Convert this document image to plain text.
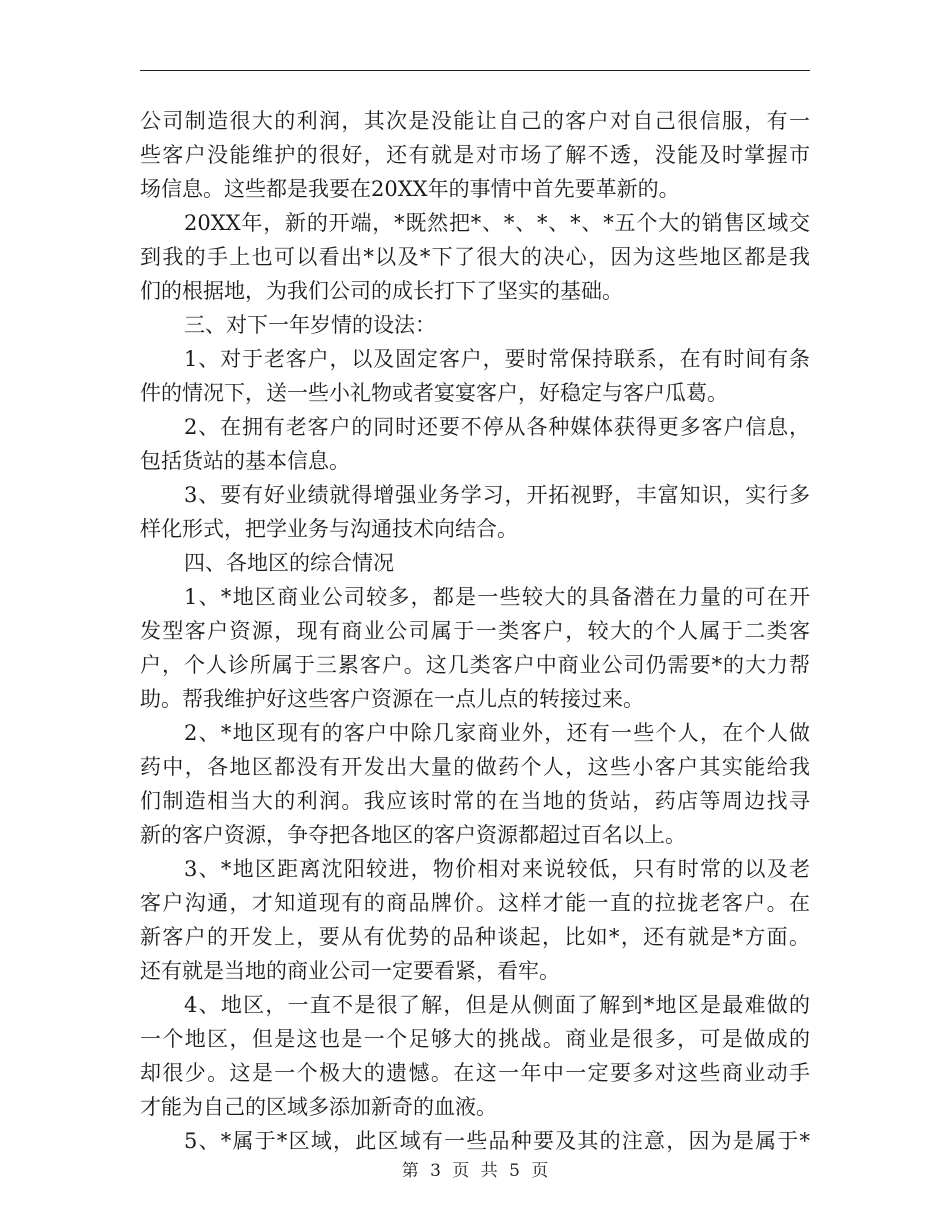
公司制造很大的利润，其次是没能让自己的客户对自己很信服，有一
些客户没能维护的很好，还有就是对市场了解不透，没能及时掌握市
场信息。这些都是我要在20XX年的事情中首先要革新的。
20XX年，新的开端，*既然把*、*、*、*、*五个大的销售区域交
到我的手上也可以看出*以及*下了很大的决心，因为这些地区都是我
们的根据地，为我们公司的成长打下了坚实的基础。
三、对下一年岁情的设法：
1、对于老客户，以及固定客户，要时常保持联系，在有时间有条
件的情况下，送一些小礼物或者宴宴客户，好稳定与客户瓜葛。
2、在拥有老客户的同时还要不停从各种媒体获得更多客户信息，
包括货站的基本信息。
3、要有好业绩就得增强业务学习，开拓视野，丰富知识，实行多
样化形式，把学业务与沟通技术向结合。
四、各地区的综合情况
1、*地区商业公司较多，都是一些较大的具备潜在力量的可在开
发型客户资源，现有商业公司属于一类客户，较大的个人属于二类客
户，个人诊所属于三累客户。这几类客户中商业公司仍需要*的大力帮
助。帮我维护好这些客户资源在一点儿点的转接过来。
2、*地区现有的客户中除几家商业外，还有一些个人，在个人做
药中，各地区都没有开发出大量的做药个人，这些小客户其实能给我
们制造相当大的利润。我应该时常的在当地的货站，药店等周边找寻
新的客户资源，争夺把各地区的客户资源都超过百名以上。
3、*地区距离沈阳较进，物价相对来说较低，只有时常的以及老
客户沟通，才知道现有的商品牌价。这样才能一直的拉拢老客户。在
新客户的开发上，要从有优势的品种谈起，比如*，还有就是*方面。
还有就是当地的商业公司一定要看紧，看牢。
4、地区，一直不是很了解，但是从侧面了解到*地区是最难做的
一个地区，但是这也是一个足够大的挑战。商业是很多，可是做成的
却很少。这是一个极大的遗憾。在这一年中一定要多对这些商业动手
才能为自己的区域多添加新奇的血液。
5、*属于*区域，此区域有一些品种要及其的注意，因为是属于*
第 3 页 共 5 页
